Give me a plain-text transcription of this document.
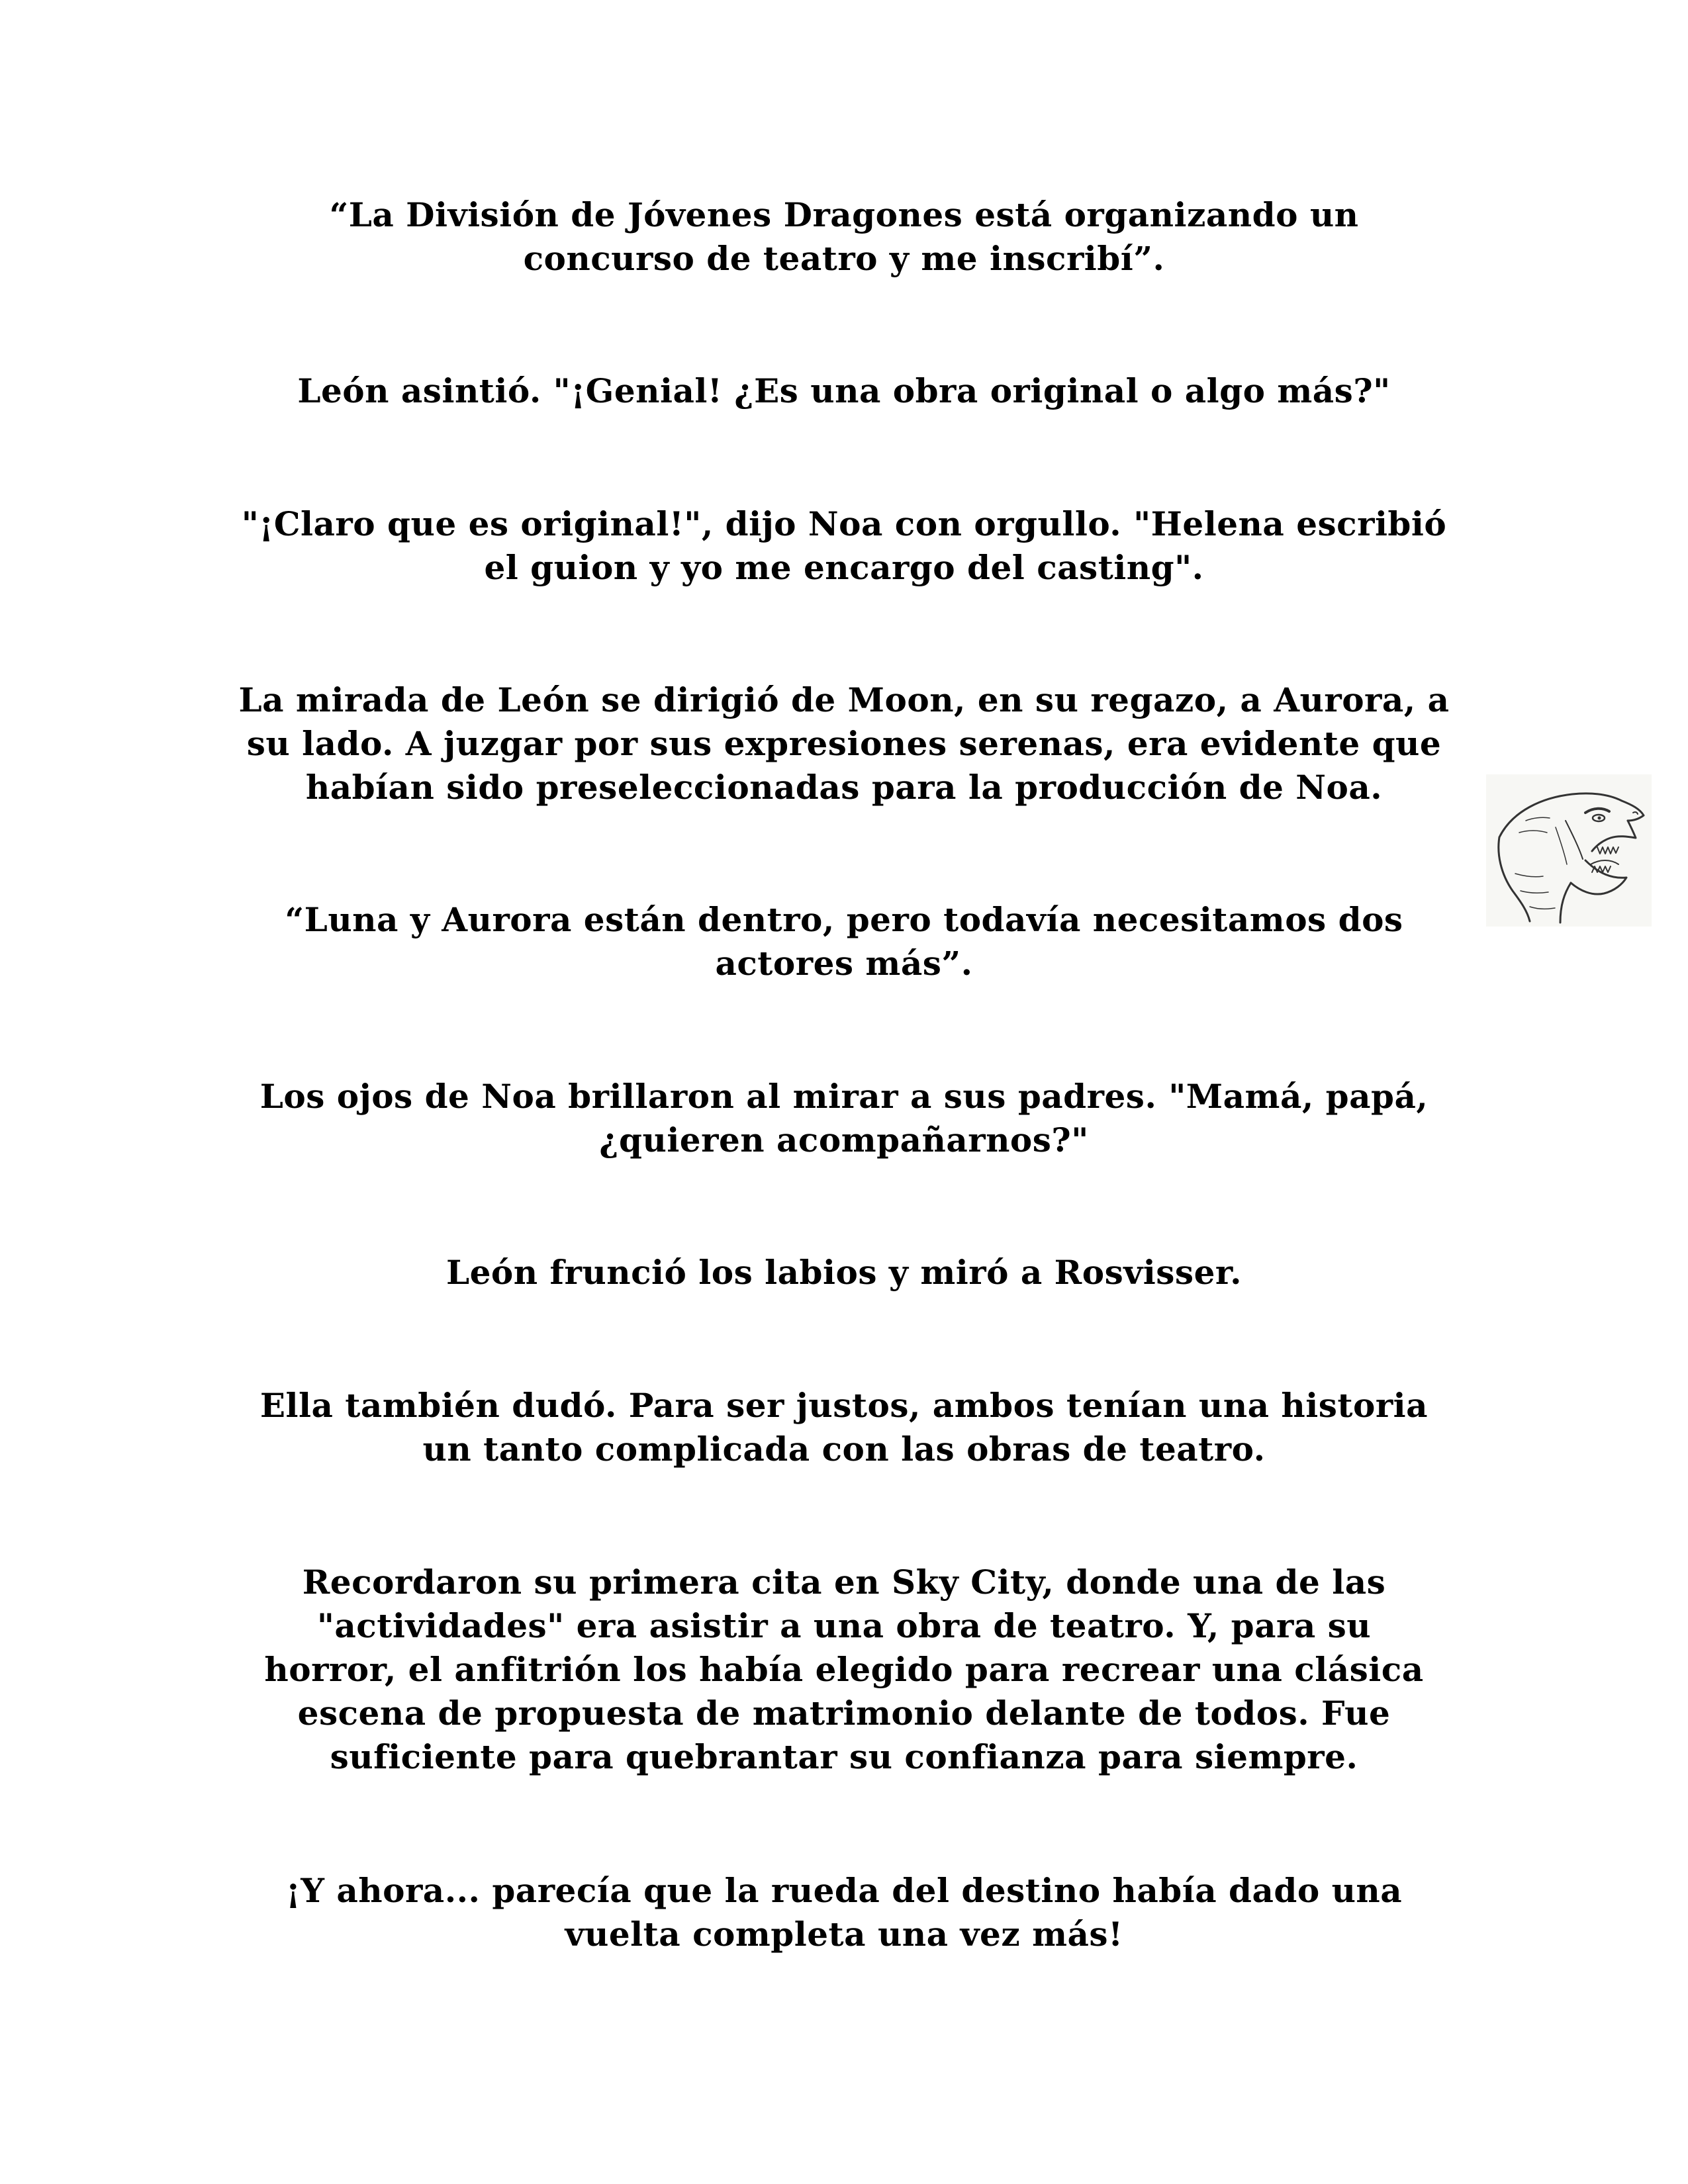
“La División de Jóvenes Dragones está organizando un
concurso de teatro y me inscribí”.
León asintió. "¡Genial! ¿Es una obra original o algo más?"
"¡Claro que es original!", dijo Noa con orgullo. "Helena escribió
el guion y yo me encargo del casting".
La mirada de León se dirigió de Moon, en su regazo, a Aurora, a
su lado. A juzgar por sus expresiones serenas, era evidente que
habían sido preseleccionadas para la producción de Noa.
“Luna y Aurora están dentro, pero todavía necesitamos dos
actores más”.
Los ojos de Noa brillaron al mirar a sus padres. "Mamá, papá,
¿quieren acompañarnos?"
León frunció los labios y miró a Rosvisser.
Ella también dudó. Para ser justos, ambos tenían una historia
un tanto complicada con las obras de teatro.
Recordaron su primera cita en Sky City, donde una de las
"actividades" era asistir a una obra de teatro. Y, para su
horror, el anfitrión los había elegido para recrear una clásica
escena de propuesta de matrimonio delante de todos. Fue
suficiente para quebrantar su confianza para siempre.
¡Y ahora... parecía que la rueda del destino había dado una
vuelta completa una vez más!
